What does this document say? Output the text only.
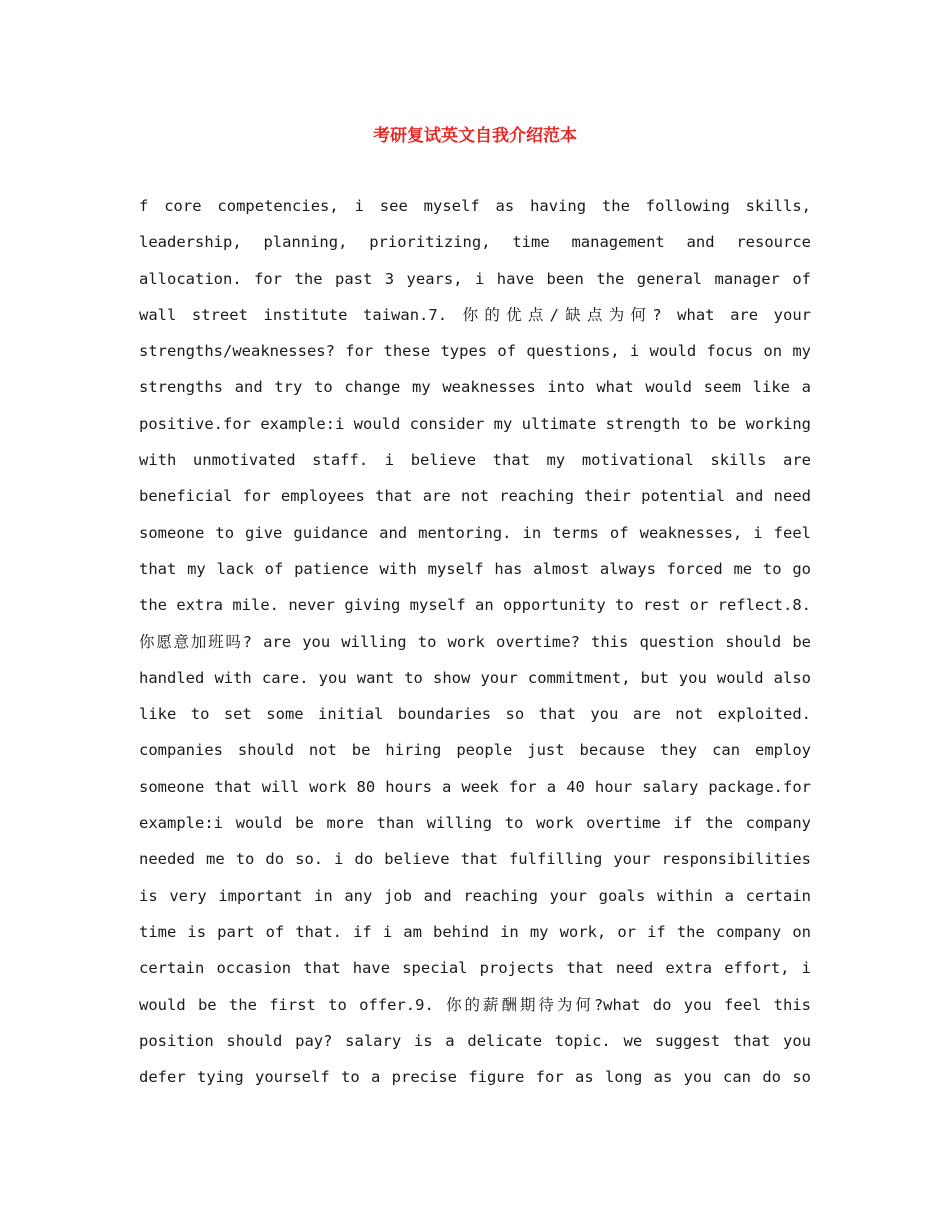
考研复试英文自我介绍范本
f core competencies, i see myself as having the following skills,
leadership, planning, prioritizing, time management and resource
allocation. for the past 3 years, i have been the general manager of
wall street institute taiwan.7. 你的优点/缺点为何? what are your
strengths/weaknesses? for these types of questions, i would focus on my
strengths and try to change my weaknesses into what would seem like a
positive.for example:i would consider my ultimate strength to be working
with unmotivated staff. i believe that my motivational skills are
beneficial for employees that are not reaching their potential and need
someone to give guidance and mentoring. in terms of weaknesses, i feel
that my lack of patience with myself has almost always forced me to go
the extra mile. never giving myself an opportunity to rest or reflect.8.
你愿意加班吗? are you willing to work overtime? this question should be
handled with care. you want to show your commitment, but you would also
like to set some initial boundaries so that you are not exploited.
companies should not be hiring people just because they can employ
someone that will work 80 hours a week for a 40 hour salary package.for
example:i would be more than willing to work overtime if the company
needed me to do so. i do believe that fulfilling your responsibilities
is very important in any job and reaching your goals within a certain
time is part of that. if i am behind in my work, or if the company on
certain occasion that have special projects that need extra effort, i
would be the first to offer.9. 你的薪酬期待为何?what do you feel this
position should pay? salary is a delicate topic. we suggest that you
defer tying yourself to a precise figure for as long as you can do so
